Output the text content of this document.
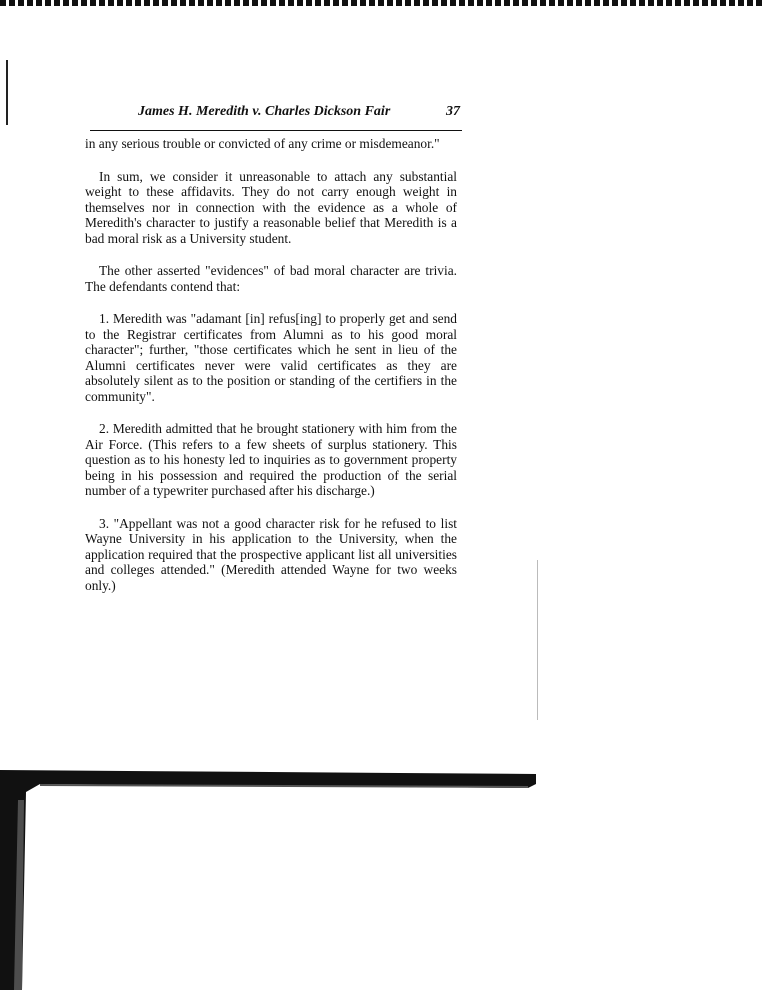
James H. Meredith v. Charles Dickson Fair	37

in any serious trouble or convicted of any crime or misdemeanor."

In sum, we consider it unreasonable to attach any substantial weight to these affidavits. They do not carry enough weight in themselves nor in connection with the evidence as a whole of Meredith's character to justify a reasonable belief that Meredith is a bad moral risk as a University student.

The other asserted "evidences" of bad moral character are trivia. The defendants contend that:

1. Meredith was "adamant [in] refus[ing] to properly get and send to the Registrar certificates from Alumni as to his good moral character"; further, "those certificates which he sent in lieu of the Alumni certificates never were valid certificates as they are absolutely silent as to the position or standing of the certifiers in the community".

2. Meredith admitted that he brought stationery with him from the Air Force. (This refers to a few sheets of surplus stationery. This question as to his honesty led to inquiries as to government property being in his possession and required the production of the serial number of a typewriter purchased after his discharge.)

3. "Appellant was not a good character risk for he refused to list Wayne University in his application to the University, when the application required that the prospective applicant list all universities and colleges attended." (Meredith attended Wayne for two weeks only.)
